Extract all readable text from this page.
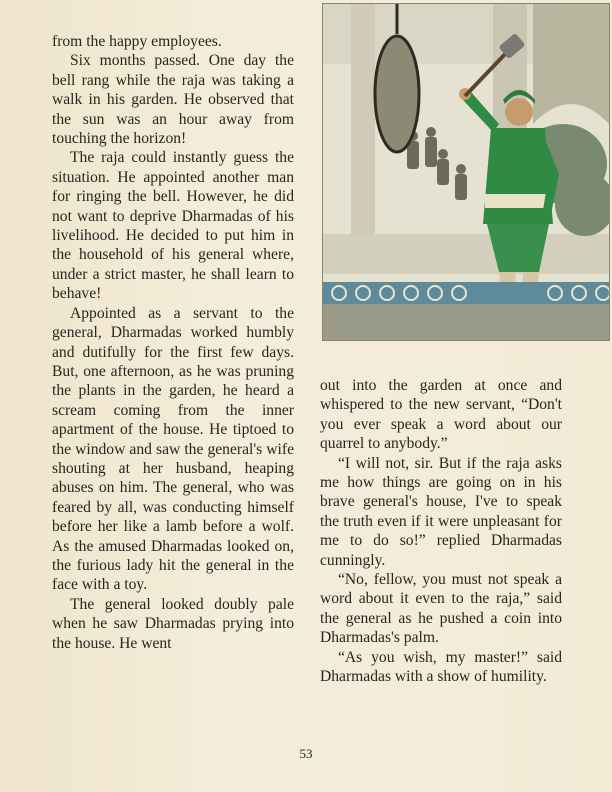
from the happy employees.

Six months passed. One day the bell rang while the raja was taking a walk in his garden. He observed that the sun was an hour away from touching the horizon!

The raja could instantly guess the situation. He appointed another man for ringing the bell. However, he did not want to deprive Dharmadas of his livelihood. He decided to put him in the household of his general where, under a strict master, he shall learn to behave!

Appointed as a servant to the general, Dharmadas worked humbly and dutifully for the first few days. But, one afternoon, as he was pruning the plants in the garden, he heard a scream coming from the inner apartment of the house. He tiptoed to the window and saw the general's wife shouting at her husband, heaping abuses on him. The general, who was feared by all, was conducting himself before her like a lamb before a wolf. As the amused Dharmadas looked on, the furious lady hit the general in the face with a toy.

The general looked doubly pale when he saw Dharmadas prying into the house. He went

out into the garden at once and whispered to the new servant, “Don't you ever speak a word about our quarrel to anybody.”

“I will not, sir. But if the raja asks me how things are going on in his brave general's house, I've to speak the truth even if it were unpleasant for me to do so!” replied Dharmadas cunningly.

“No, fellow, you must not speak a word about it even to the raja,” said the general as he pushed a coin into Dharmadas's palm.

“As you wish, my master!” said Dharmadas with a show of humility.

53
